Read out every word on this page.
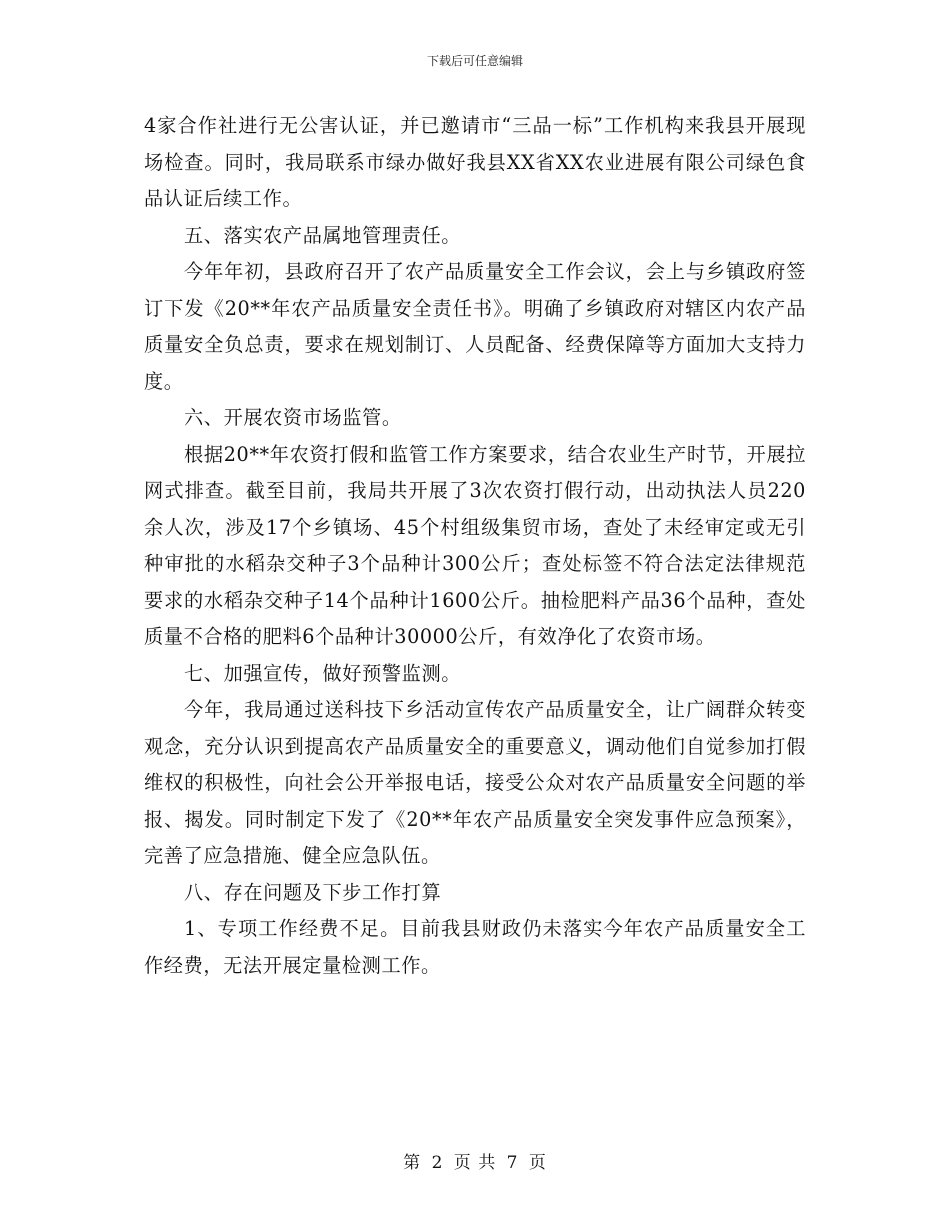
下载后可任意编辑

4家合作社进行无公害认证，并已邀请市“三品一标”工作机构来我县开展现场检查。同时，我局联系市绿办做好我县XX省XX农业进展有限公司绿色食品认证后续工作。

五、落实农产品属地管理责任。

今年年初，县政府召开了农产品质量安全工作会议，会上与乡镇政府签订下发《20**年农产品质量安全责任书》。明确了乡镇政府对辖区内农产品质量安全负总责，要求在规划制订、人员配备、经费保障等方面加大支持力度。

六、开展农资市场监管。

根据20**年农资打假和监管工作方案要求，结合农业生产时节，开展拉网式排查。截至目前，我局共开展了3次农资打假行动，出动执法人员220余人次，涉及17个乡镇场、45个村组级集贸市场，查处了未经审定或无引种审批的水稻杂交种子3个品种计300公斤；查处标签不符合法定法律规范要求的水稻杂交种子14个品种计1600公斤。抽检肥料产品36个品种，查处质量不合格的肥料6个品种计30000公斤，有效净化了农资市场。

七、加强宣传，做好预警监测。

今年，我局通过送科技下乡活动宣传农产品质量安全，让广阔群众转变观念，充分认识到提高农产品质量安全的重要意义，调动他们自觉参加打假维权的积极性，向社会公开举报电话，接受公众对农产品质量安全问题的举报、揭发。同时制定下发了《20**年农产品质量安全突发事件应急预案》，完善了应急措施、健全应急队伍。

八、存在问题及下步工作打算

1、专项工作经费不足。目前我县财政仍未落实今年农产品质量安全工作经费，无法开展定量检测工作。

第 2 页 共 7 页
